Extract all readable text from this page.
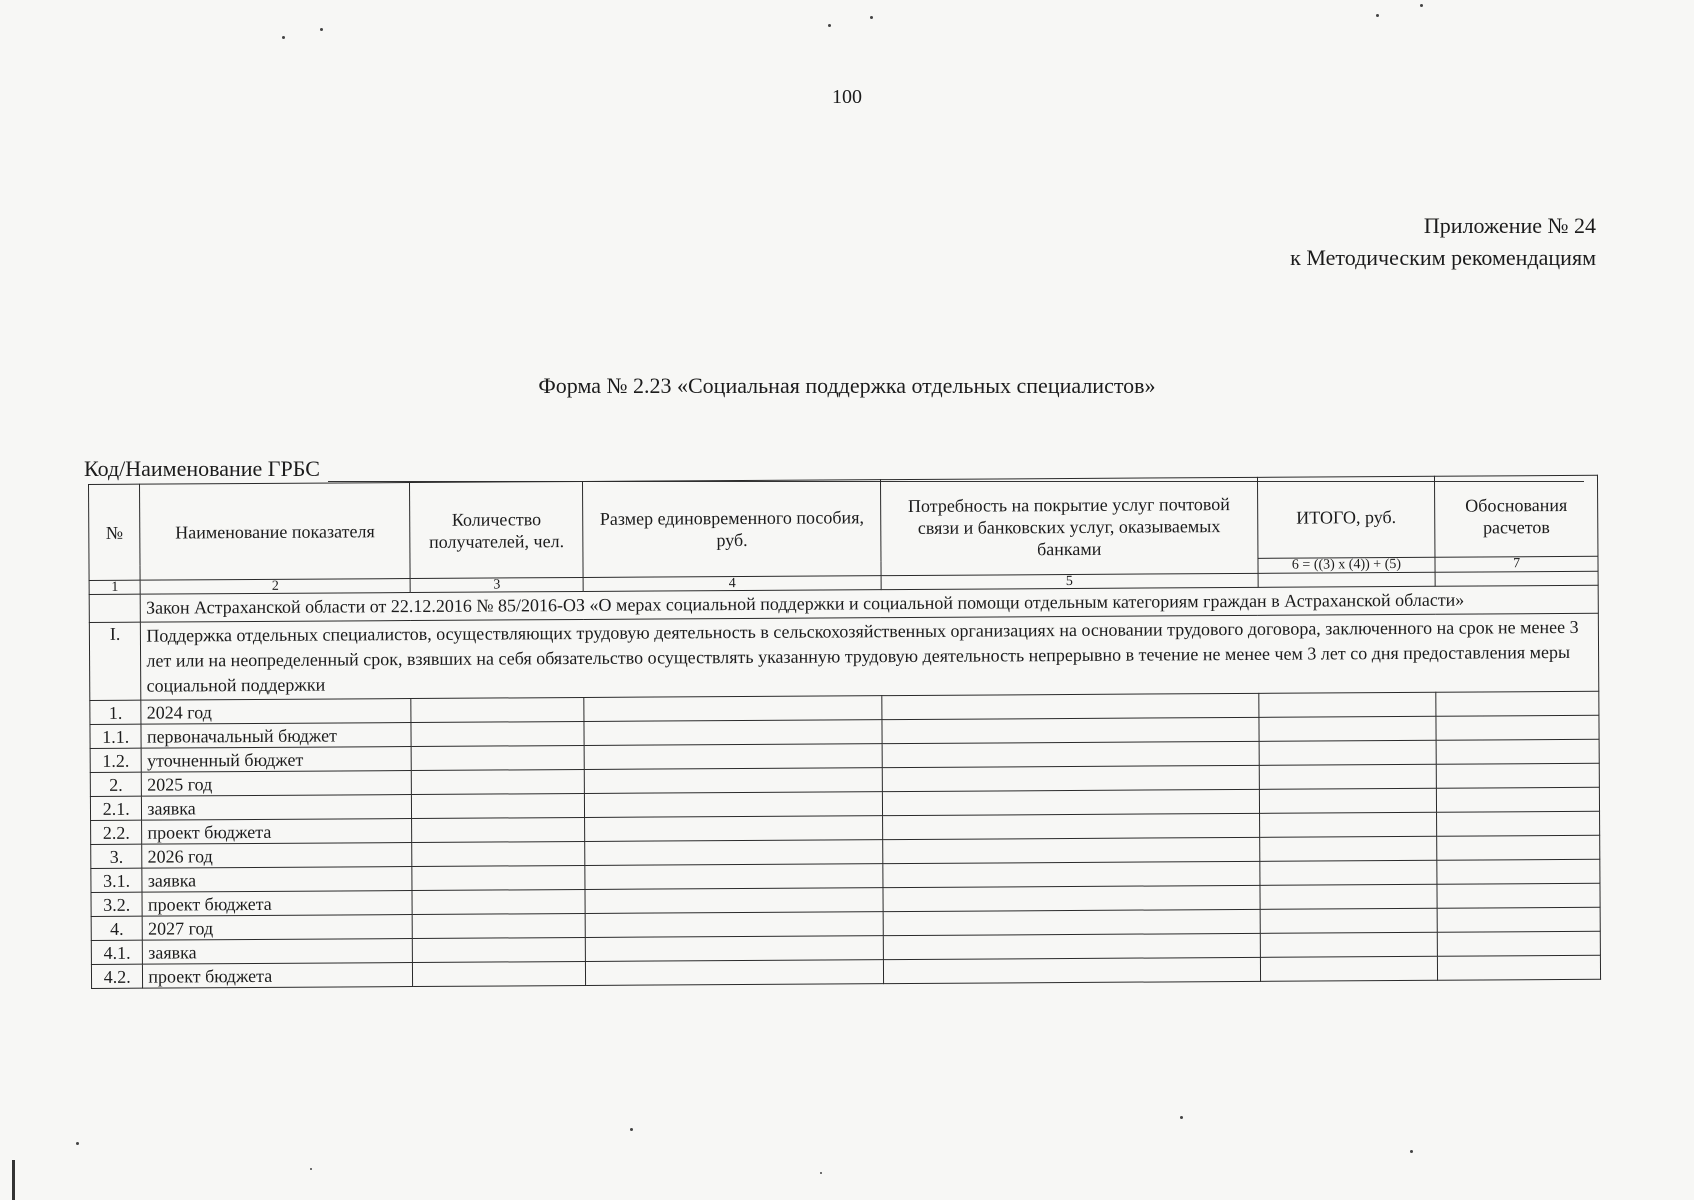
100
Приложение № 24
к Методическим рекомендациям
Форма № 2.23 «Социальная поддержка отдельных специалистов»
Код/Наименование ГРБС
№	Наименование показателя	Количество получателей, чел.	Размер единовременного пособия, руб.	Потребность на покрытие услуг почтовой связи и банковских услуг, оказываемых банками	ИТОГО, руб.	Обоснования расчетов
					6 = ((3) x (4)) + (5)	7
1	2	3	4	5		
	Закон Астраханской области от 22.12.2016 № 85/2016-ОЗ «О мерах социальной поддержки и социальной помощи отдельным категориям граждан в Астраханской области»					
I.	Поддержка отдельных специалистов, осуществляющих трудовую деятельность в сельскохозяйственных организациях на основании трудового договора, заключенного на срок не менее 3 лет или на неопределенный срок, взявших на себя обязательство осуществлять указанную трудовую деятельность непрерывно в течение не менее чем 3 лет со дня предоставления меры социальной поддержки					
1.	2024 год					
1.1.	первоначальный бюджет					
1.2.	уточненный бюджет					
2.	2025 год					
2.1.	заявка					
2.2.	проект бюджета					
3.	2026 год					
3.1.	заявка					
3.2.	проект бюджета					
4.	2027 год					
4.1.	заявка					
4.2.	проект бюджета					
